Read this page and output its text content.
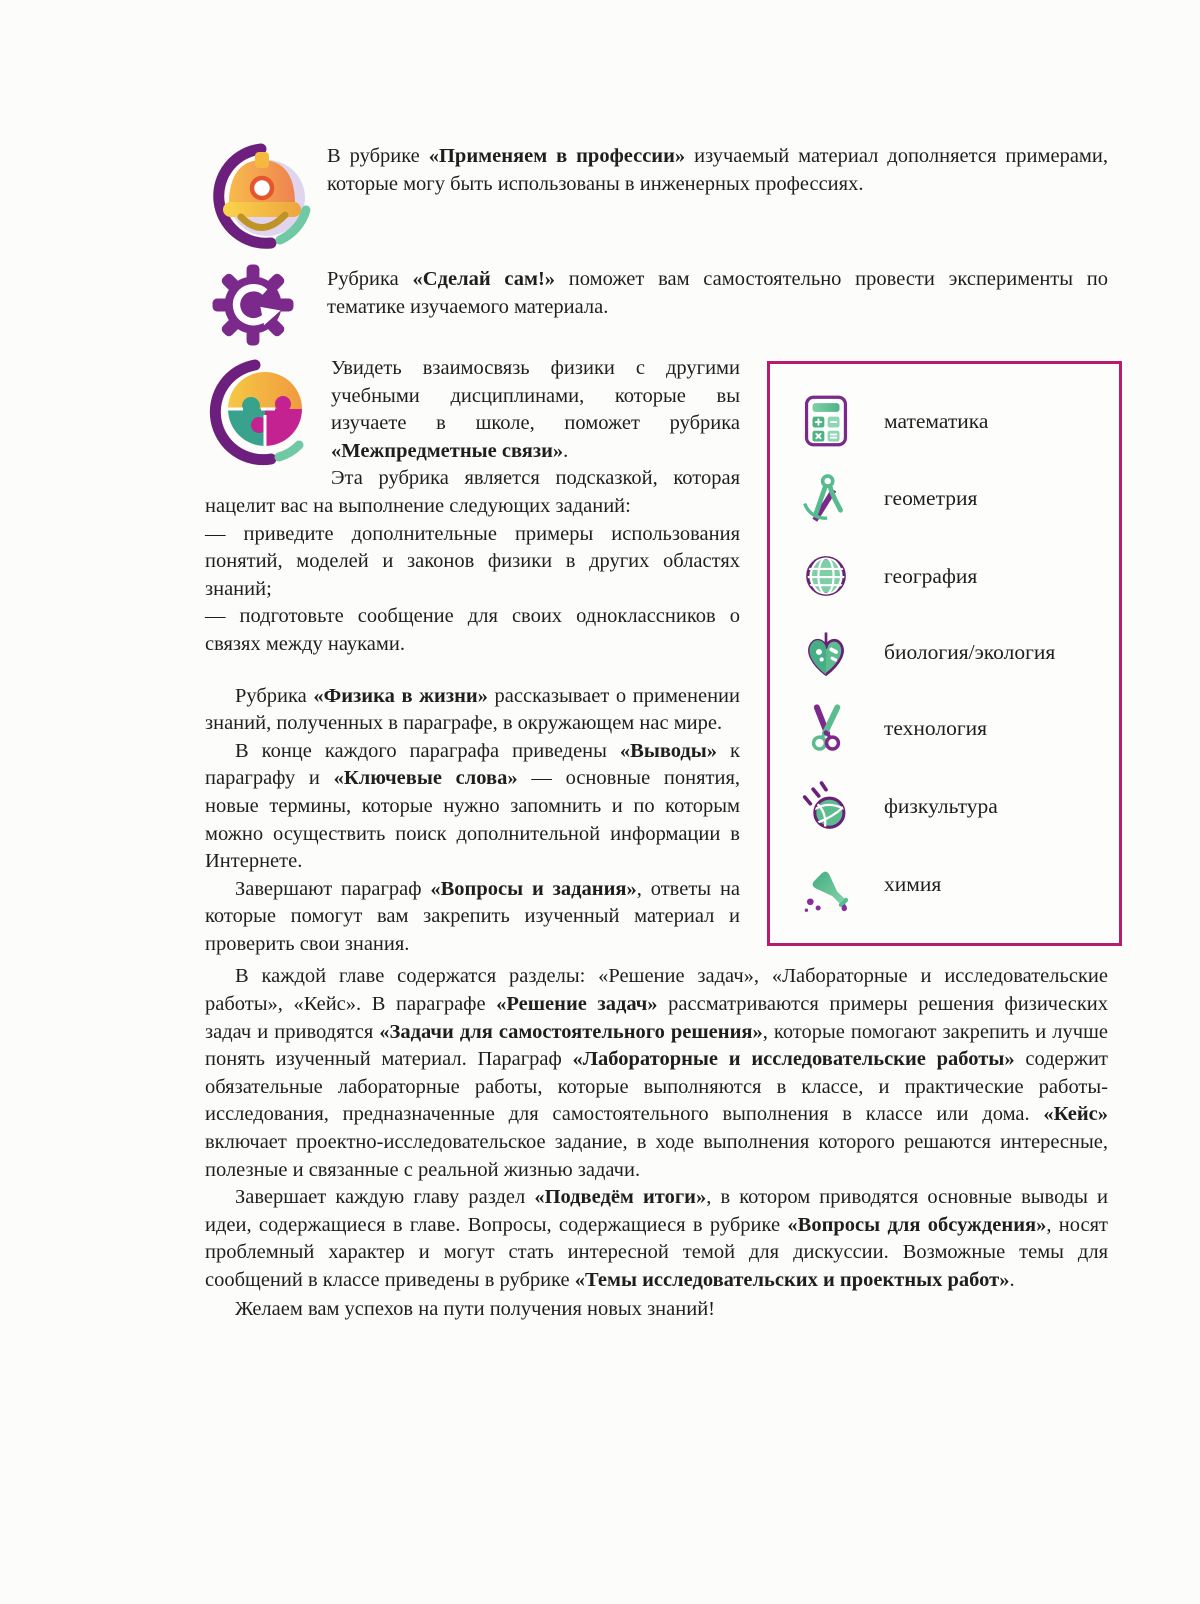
В рубрике «Применяем в профессии» изучаемый материал дополняется примерами, которые могу быть использованы в инженерных профессиях.

Рубрика «Сделай сам!» поможет вам самостоятельно провести эксперименты по тематике изучаемого материала.

Увидеть взаимосвязь физики с другими учебными дисциплинами, которые вы изучаете в школе, поможет рубрика «Межпредметные связи».

Эта рубрика является подсказкой, которая нацелит вас на выполнение следующих заданий:

— приведите дополнительные примеры использования понятий, моделей и законов физики в других областях знаний;

— подготовьте сообщение для своих одноклассников о связях между науками.

Рубрика «Физика в жизни» рассказывает о применении знаний, полученных в параграфе, в окружающем нас мире.

В конце каждого параграфа приведены «Выводы» к параграфу и «Ключевые слова» — основные понятия, новые термины, которые нужно запомнить и по которым можно осуществить поиск дополнительной информации в Интернете.

Завершают параграф «Вопросы и задания», ответы на которые помогут вам закрепить изученный материал и проверить свои знания.

математика
геометрия
география
биология/экология
технология
физкультура
химия

В каждой главе содержатся разделы: «Решение задач», «Лабораторные и исследовательские работы», «Кейс». В параграфе «Решение задач» рассматриваются примеры решения физических задач и приводятся «Задачи для самостоятельного решения», которые помогают закрепить и лучше понять изученный материал. Параграф «Лабораторные и исследовательские работы» содержит обязательные лабораторные работы, которые выполняются в классе, и практические работы-исследования, предназначенные для самостоятельного выполнения в классе или дома. «Кейс» включает проектно-исследовательское задание, в ходе выполнения которого решаются интересные, полезные и связанные с реальной жизнью задачи.

Завершает каждую главу раздел «Подведём итоги», в котором приводятся основные выводы и идеи, содержащиеся в главе. Вопросы, содержащиеся в рубрике «Вопросы для обсуждения», носят проблемный характер и могут стать интересной темой для дискуссии. Возможные темы для сообщений в классе приведены в рубрике «Темы исследовательских и проектных работ».

Желаем вам успехов на пути получения новых знаний!
